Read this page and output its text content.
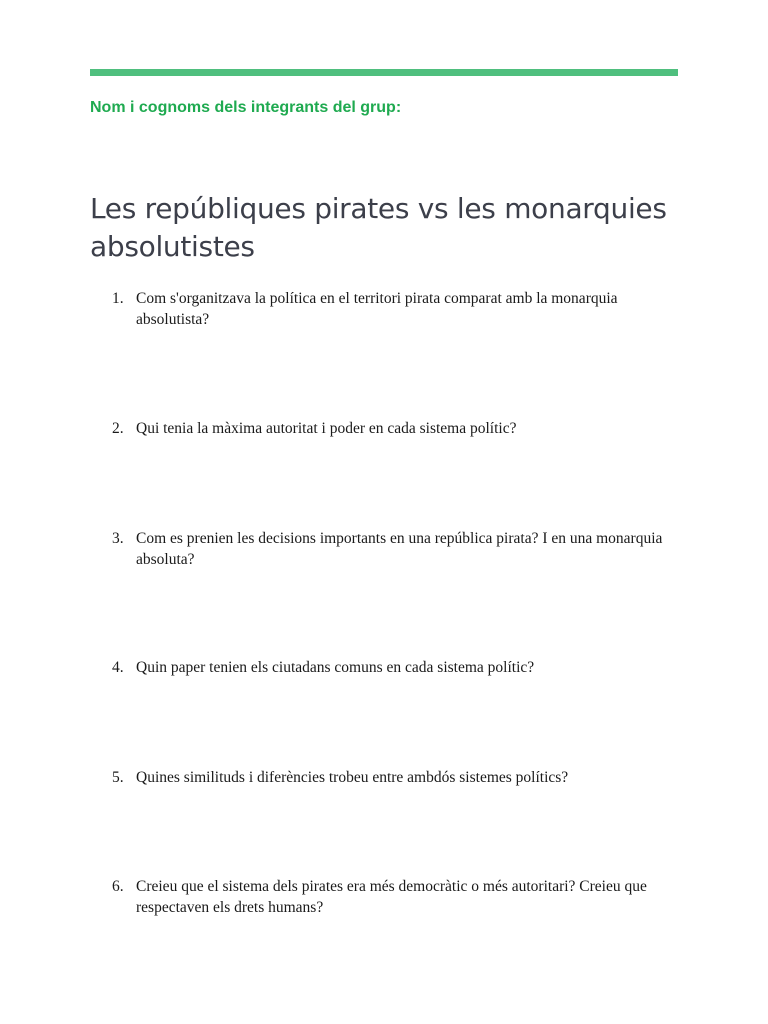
Nom i cognoms dels integrants del grup:
Les repúbliques pirates vs les monarquies absolutistes
1. Com s'organitzava la política en el territori pirata comparat amb la monarquia absolutista?
2. Qui tenia la màxima autoritat i poder en cada sistema polític?
3. Com es prenien les decisions importants en una república pirata? I en una monarquia absoluta?
4. Quin paper tenien els ciutadans comuns en cada sistema polític?
5. Quines similituds i diferències trobeu entre ambdós sistemes polítics?
6. Creieu que el sistema dels pirates era més democràtic o més autoritari? Creieu que respectaven els drets humans?
